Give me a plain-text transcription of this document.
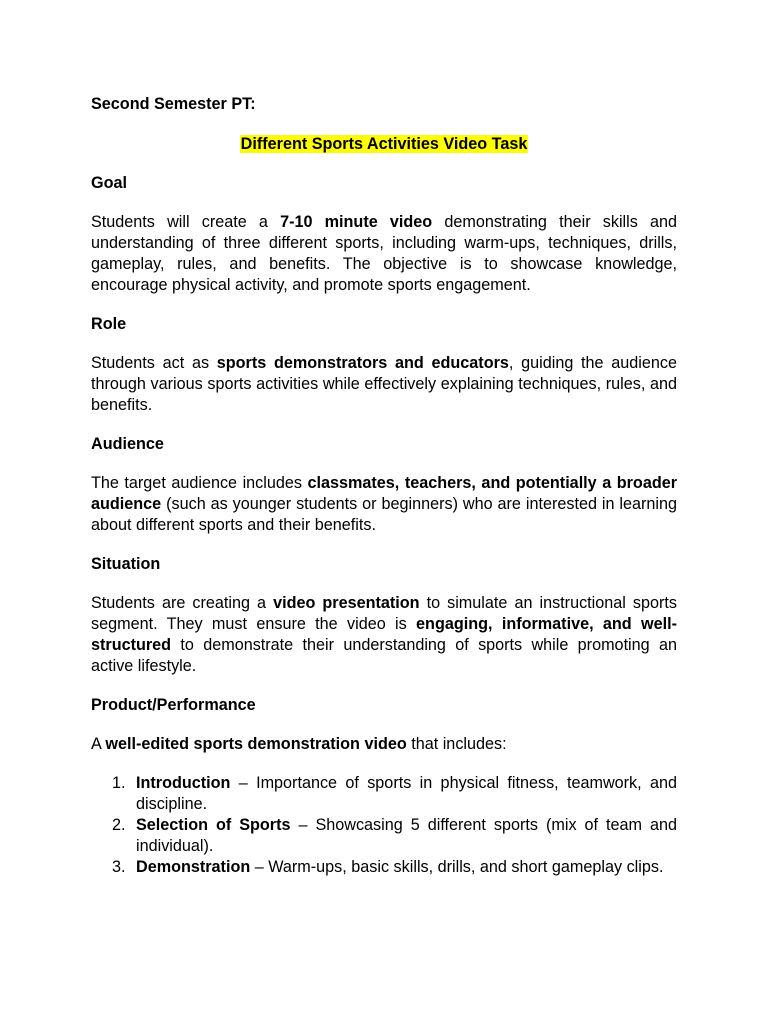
Second Semester PT:

Different Sports Activities Video Task

Goal

Students will create a 7-10 minute video demonstrating their skills and understanding of three different sports, including warm-ups, techniques, drills, gameplay, rules, and benefits. The objective is to showcase knowledge, encourage physical activity, and promote sports engagement.

Role

Students act as sports demonstrators and educators, guiding the audience through various sports activities while effectively explaining techniques, rules, and benefits.

Audience

The target audience includes classmates, teachers, and potentially a broader audience (such as younger students or beginners) who are interested in learning about different sports and their benefits.

Situation

Students are creating a video presentation to simulate an instructional sports segment. They must ensure the video is engaging, informative, and well-structured to demonstrate their understanding of sports while promoting an active lifestyle.

Product/Performance

A well-edited sports demonstration video that includes:

1. Introduction – Importance of sports in physical fitness, teamwork, and discipline.
2. Selection of Sports – Showcasing 5 different sports (mix of team and individual).
3. Demonstration – Warm-ups, basic skills, drills, and short gameplay clips.
